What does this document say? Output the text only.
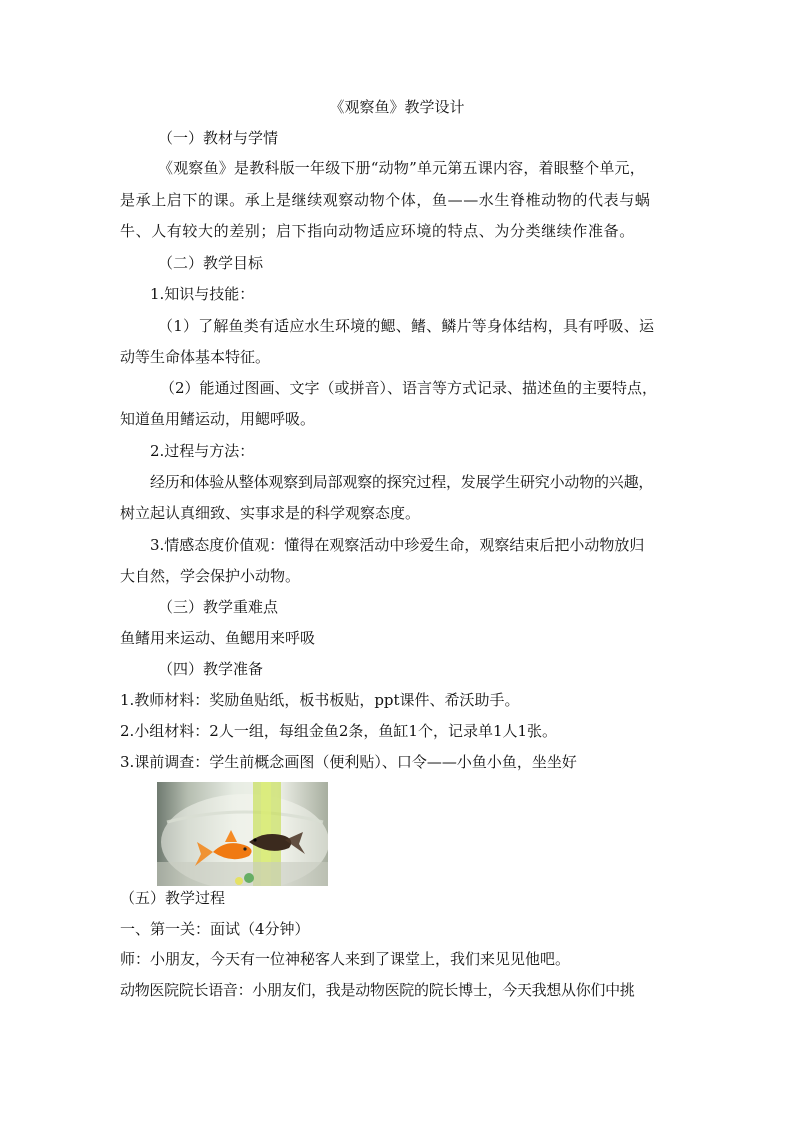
《观察鱼》教学设计
（一）教材与学情
《观察鱼》是教科版一年级下册“动物”单元第五课内容，着眼整个单元，
是承上启下的课。承上是继续观察动物个体，鱼——水生脊椎动物的代表与蜗
牛、人有较大的差别；启下指向动物适应环境的特点、为分类继续作准备。
（二）教学目标
1.知识与技能：
（1）了解鱼类有适应水生环境的鳃、鳍、鳞片等身体结构，具有呼吸、运
动等生命体基本特征。
（2）能通过图画、文字（或拼音）、语言等方式记录、描述鱼的主要特点，
知道鱼用鳍运动，用鳃呼吸。
2.过程与方法：
经历和体验从整体观察到局部观察的探究过程，发展学生研究小动物的兴趣，
树立起认真细致、实事求是的科学观察态度。
3.情感态度价值观：懂得在观察活动中珍爱生命，观察结束后把小动物放归
大自然，学会保护小动物。
（三）教学重难点
鱼鳍用来运动、鱼鳃用来呼吸
（四）教学准备
1.教师材料：奖励鱼贴纸，板书板贴，ppt课件、希沃助手。
2.小组材料：2人一组，每组金鱼2条，鱼缸1个，记录单1人1张。
3.课前调查：学生前概念画图（便利贴）、口令——小鱼小鱼，坐坐好
（五）教学过程
一、第一关：面试（4分钟）
师：小朋友，今天有一位神秘客人来到了课堂上，我们来见见他吧。
动物医院院长语音：小朋友们，我是动物医院的院长博士，今天我想从你们中挑
